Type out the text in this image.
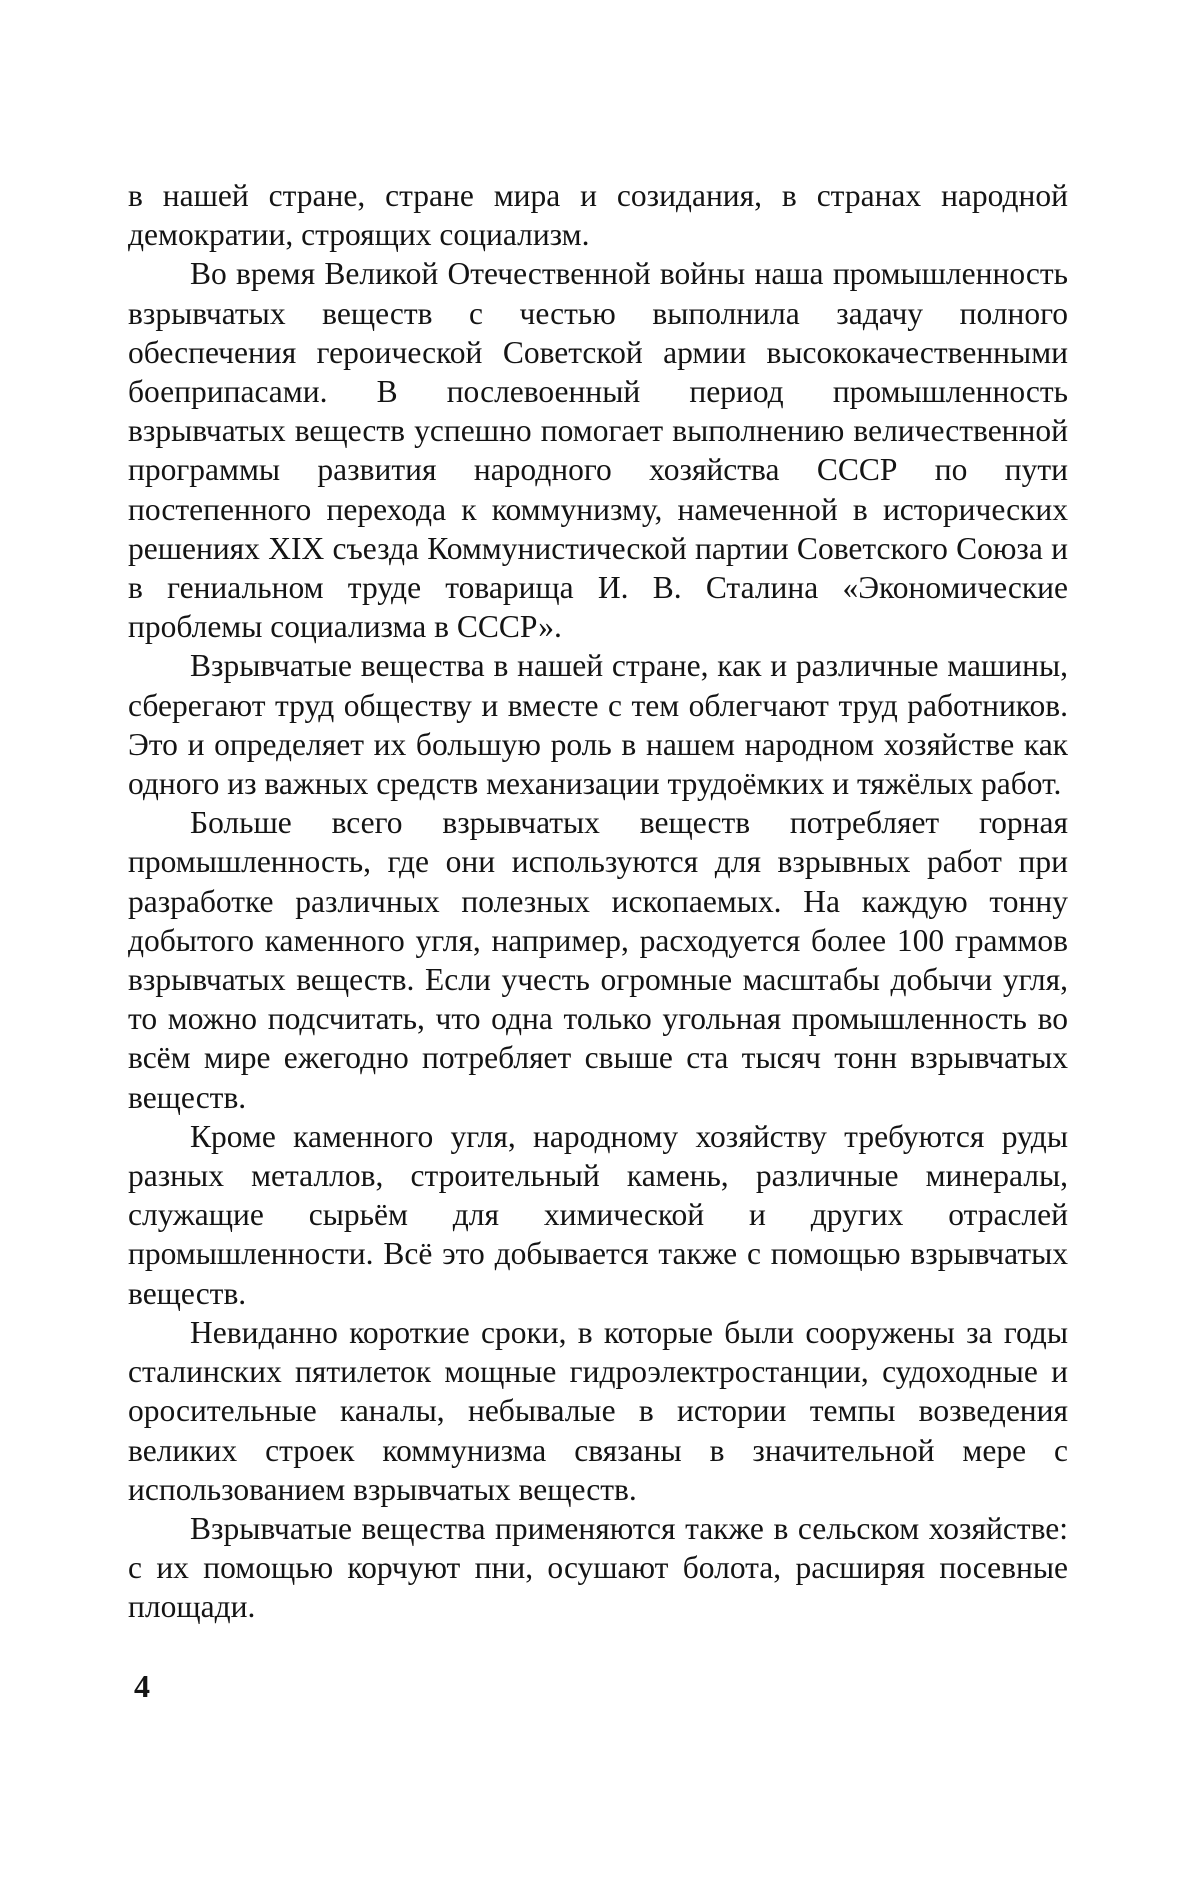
в нашей стране, стране мира и созидания, в странах народной демократии, строящих социализм.

Во время Великой Отечественной войны наша промышленность взрывчатых веществ с честью выполнила задачу полного обеспечения героической Советской армии высококачественными боеприпасами. В послевоенный период промышленность взрывчатых веществ успешно помогает выполнению величественной программы развития народного хозяйства СССР по пути постепенного перехода к коммунизму, намеченной в исторических решениях XIX съезда Коммунистической партии Советского Союза и в гениальном труде товарища И. В. Сталина «Экономические проблемы социализма в СССР».

Взрывчатые вещества в нашей стране, как и различные машины, сберегают труд обществу и вместе с тем облегчают труд работников. Это и определяет их большую роль в нашем народном хозяйстве как одного из важных средств механизации трудоёмких и тяжёлых работ.

Больше всего взрывчатых веществ потребляет горная промышленность, где они используются для взрывных работ при разработке различных полезных ископаемых. На каждую тонну добытого каменного угля, например, расходуется более 100 граммов взрывчатых веществ. Если учесть огромные масштабы добычи угля, то можно подсчитать, что одна только угольная промышленность во всём мире ежегодно потребляет свыше ста тысяч тонн взрывчатых веществ.

Кроме каменного угля, народному хозяйству требуются руды разных металлов, строительный камень, различные минералы, служащие сырьём для химической и других отраслей промышленности. Всё это добывается также с помощью взрывчатых веществ.

Невиданно короткие сроки, в которые были сооружены за годы сталинских пятилеток мощные гидроэлектростанции, судоходные и оросительные каналы, небывалые в истории темпы возведения великих строек коммунизма связаны в значительной мере с использованием взрывчатых веществ.

Взрывчатые вещества применяются также в сельском хозяйстве: с их помощью корчуют пни, осушают болота, расширяя посевные площади.

4
